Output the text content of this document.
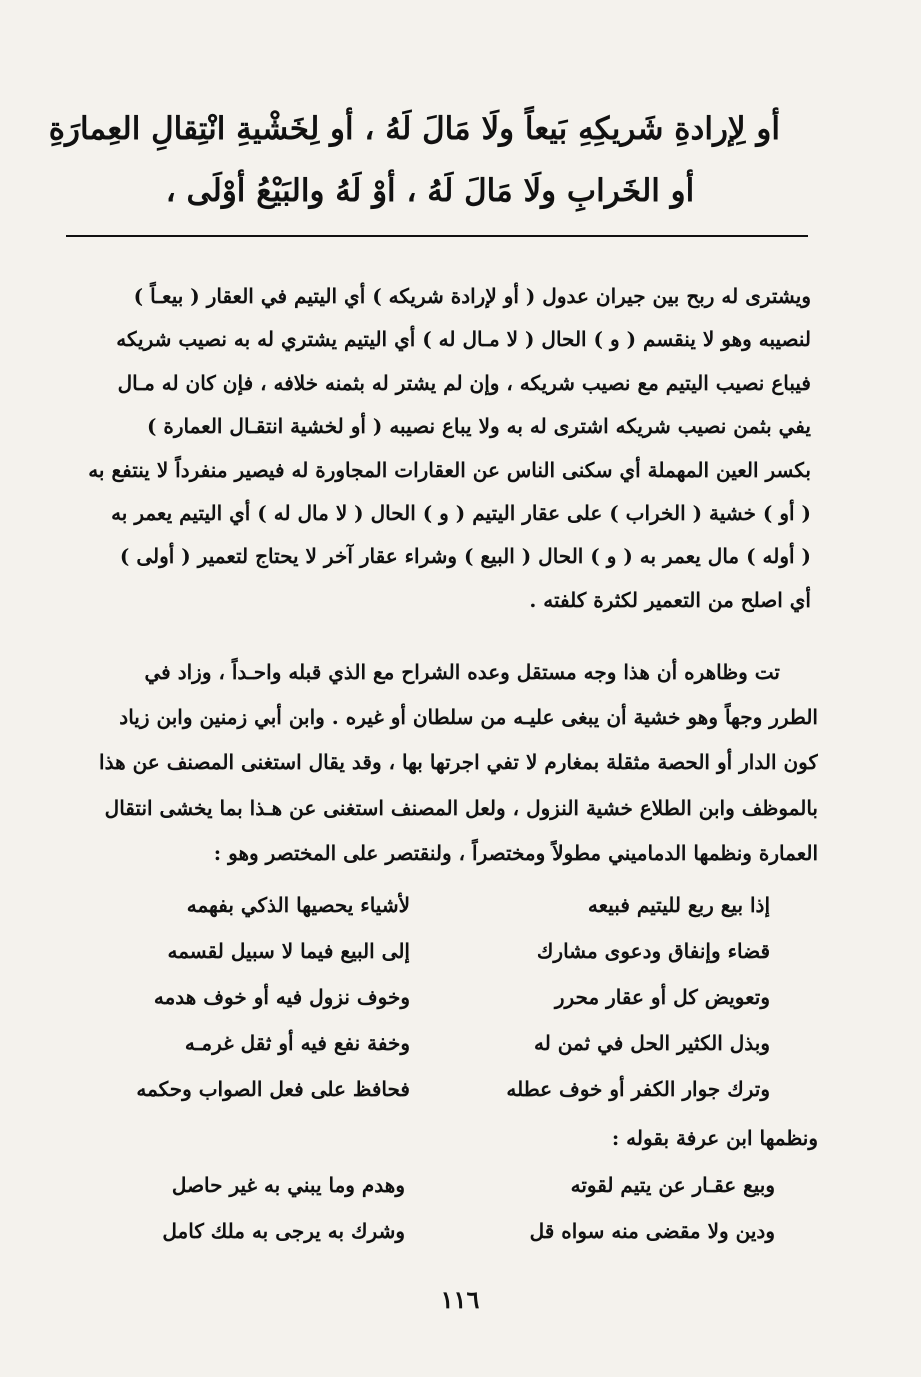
أو لِإرادةِ شَريكِهِ بَيعاً ولَا مَالَ لَهُ ، أو لِخَشْيةِ انْتِقالِ العِمارَةِ
أو الخَرابِ ولَا مَالَ لَهُ ، أوْ لَهُ والبَيْعُ أوْلَى ،
ويشترى له ربح بين جيران عدول ( أو لإرادة شريكه ) أي اليتيم في العقار ( بيعـاً )
لنصيبه وهو لا ينقسم ( و ) الحال ( لا مـال له ) أي اليتيم يشتري له به نصيب شريكه
فيباع نصيب اليتيم مع نصيب شريكه ، وإن لم يشتر له بثمنه خلافه ، فإن كان له مـال
يفي بثمن نصيب شريكه اشترى له به ولا يباع نصيبه ( أو لخشية انتقـال العمارة )
بكسر العين المهملة أي سكنى الناس عن العقارات المجاورة له فيصير منفرداً لا ينتفع به
( أو ) خشية ( الخراب ) على عقار اليتيم ( و ) الحال ( لا مال له ) أي اليتيم يعمر به
( أوله ) مال يعمر به ( و ) الحال ( البيع ) وشراء عقار آخر لا يحتاج لتعمير ( أولى )
أي اصلح من التعمير لكثرة كلفته .
تت وظاهره أن هذا وجه مستقل وعده الشراح مع الذي قبله واحـداً ، وزاد في
الطرر وجهاً وهو خشية أن يبغى عليـه من سلطان أو غيره . وابن أبي زمنين وابن زياد
كون الدار أو الحصة مثقلة بمغارم لا تفي اجرتها بها ، وقد يقال استغنى المصنف عن هذا
بالموظف وابن الطلاع خشية النزول ، ولعل المصنف استغنى عن هـذا بما يخشى انتقال
العمارة ونظمها الدماميني مطولاً ومختصراً ، ولنقتصر على المختصر وهو :
إذا بيع ربع لليتيم فبيعه
لأشياء يحصيها الذكي بفهمه
قضاء وإنفاق ودعوى مشارك
إلى البيع فيما لا سبيل لقسمه
وتعويض كل أو عقار محرر
وخوف نزول فيه أو خوف هدمه
وبذل الكثير الحل في ثمن له
وخفة نفع فيه أو ثقل غرمـه
وترك جوار الكفر أو خوف عطله
فحافظ على فعل الصواب وحكمه
ونظمها ابن عرفة بقوله :
وبيع عقـار عن يتيم لقوته
وهدم وما يبني به غير حاصل
ودين ولا مقضى منه سواه قل
وشرك به يرجى به ملك كامل
١١٦
